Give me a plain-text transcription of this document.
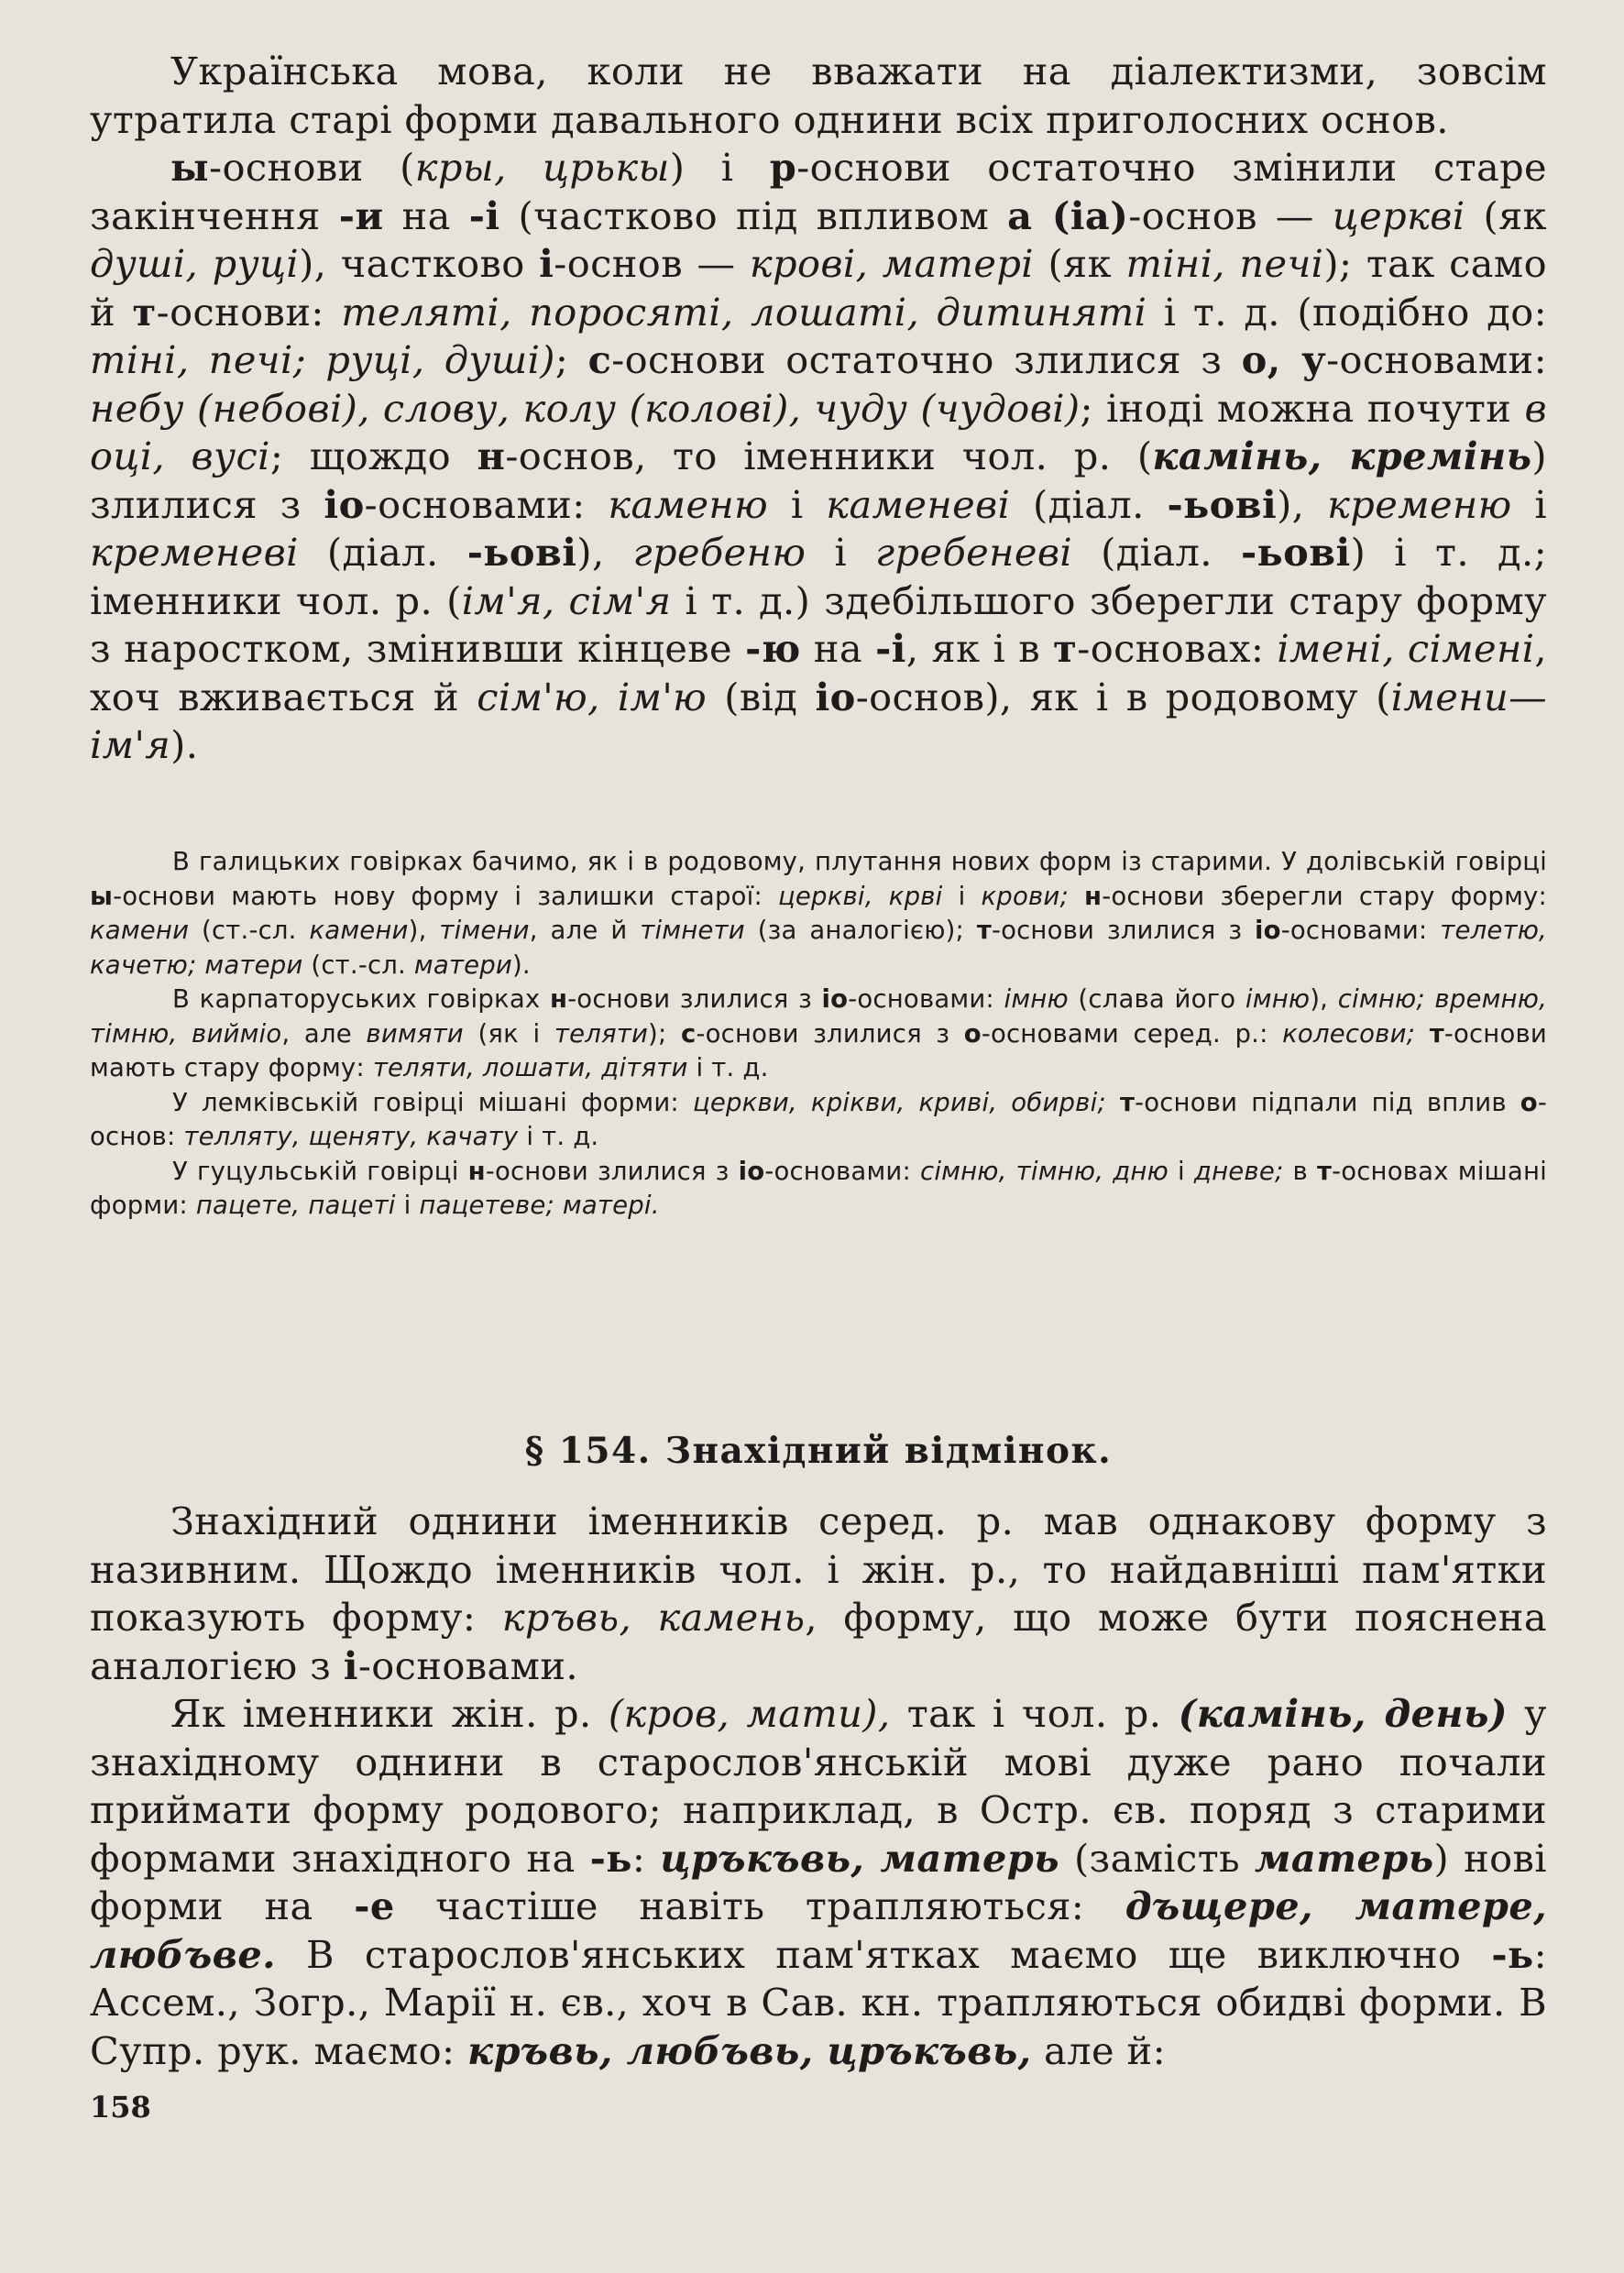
Українська мова, коли не вважати на діалектизми, зовсім утратила старі форми давального однини всіх приголосних основ.

ы-основи (кры, црькы) і р-основи остаточно змінили старе закінчення -и на -і (частково під впливом а (іа)-основ — церкві (як душі, руці), частково і-основ — крові, матері (як тіні, печі); так само й т-основи: теляті, поросяті, лошаті, дитиняті і т. д. (подібно до: тіні, печі; руці, душі); с-основи остаточно злилися з о, у-основами: небу (небові), слову, колу (колові), чуду (чудові); іноді можна почути в оці, вусі; щождо н-основ, то іменники чол. р. (камінь, кремінь) злилися з іо-основами: каменю і каменеві (діал. -ьові), кременю і кременеві (діал. -ьові), гребеню і гребеневі (діал. -ьові) і т. д.; іменники чол. р. (ім'я, сім'я і т. д.) здебільшого зберегли стару форму з наростком, змінивши кінцеве -ю на -і, як і в т-основах: імені, сімені, хоч вживається й сім'ю, ім'ю (від іо-основ), як і в родовому (імени—ім'я).

В галицьких говірках бачимо, як і в родовому, плутання нових форм із старими. У долівській говірці ы-основи мають нову форму і залишки старої: церкві, крві і крови; н-основи зберегли стару форму: камени (ст.-сл. камени), тімени, але й тімнети (за аналогією); т-основи злилися з іо-основами: телетю, качетю; матери (ст.-сл. матери).

В карпаторуських говірках н-основи злилися з іо-основами: імню (слава його імню), сімню; времню, тімню, вийміо, але вимяти (як і теляти); с-основи злилися з о-основами серед. р.: колесови; т-основи мають стару форму: теляти, лошати, дітяти і т. д.

У лемківській говірці мішані форми: церкви, крікви, криві, обирві; т-основи підпали під вплив о-основ: телляту, щеняту, качату і т. д.

У гуцульській говірці н-основи злилися з іо-основами: сімню, тімню, дню і дневе; в т-основах мішані форми: пацете, пацеті і пацетеве; матері.

§ 154. Знахідний відмінок.

Знахідний однини іменників серед. р. мав однакову форму з називним. Щождо іменників чол. і жін. р., то найдавніші пам'ятки показують форму: кръвь, камень, форму, що може бути пояснена аналогією з і-основами.

Як іменники жін. р. (кров, мати), так і чол. р. (камінь, день) у знахідному однини в старослов'янській мові дуже рано почали приймати форму родового; наприклад, в Остр. єв. поряд з старими формами знахідного на -ь: цръкъвь, матерь (замість матерь) нові форми на -е частіше навіть трапляються: дъщере, матере, любъве. В старослов'янських пам'ятках маємо ще виключно -ь: Ассем., Зогр., Марії н. єв., хоч в Сав. кн. трапляються обидві форми. В Супр. рук. маємо: кръвь, любъвь, цръкъвь, але й:

158
